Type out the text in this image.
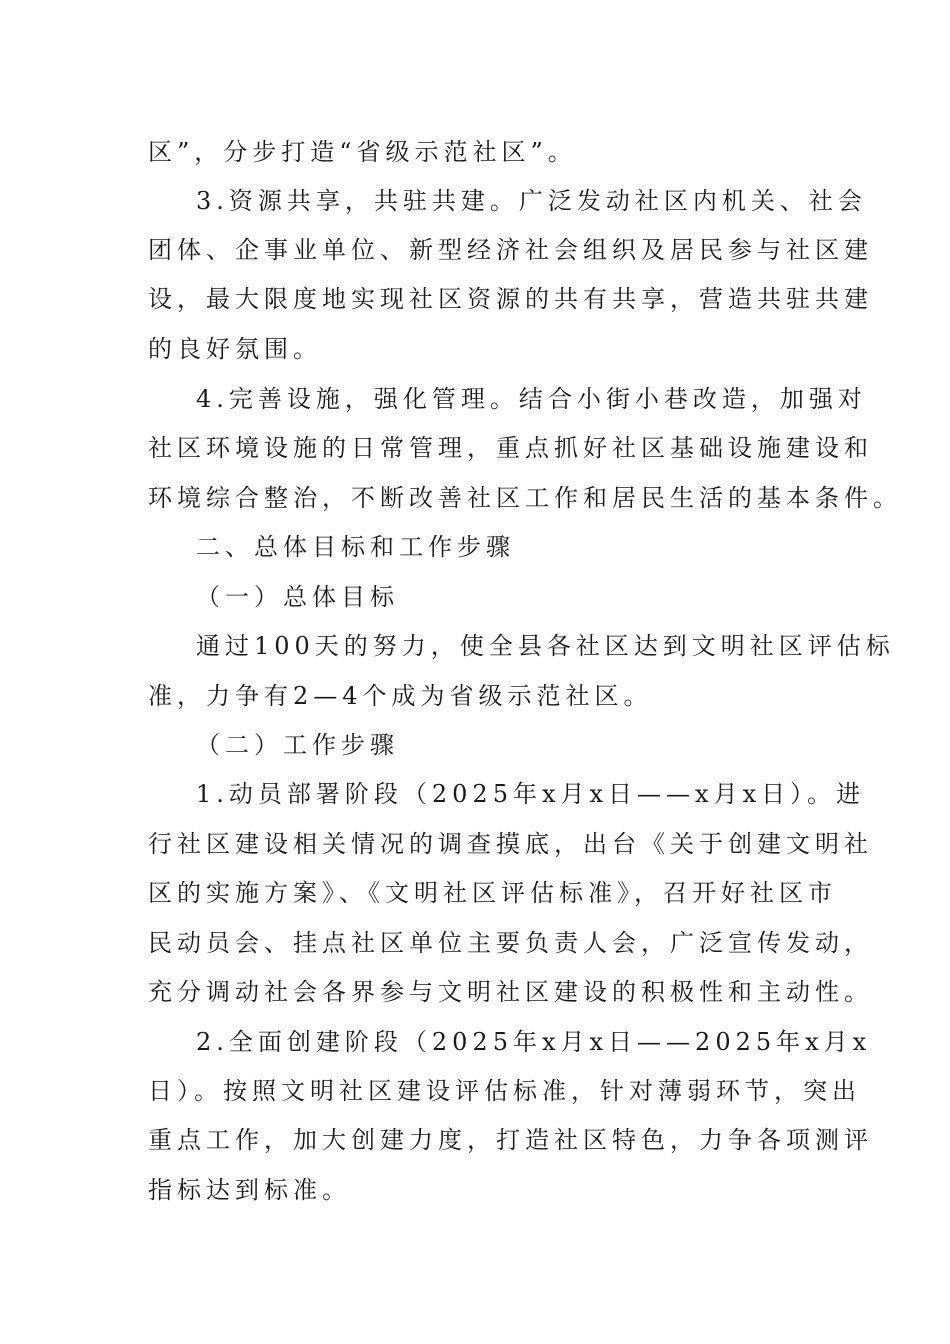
区”，分步打造“省级示范社区”。
3.资源共享，共驻共建。广泛发动社区内机关、社会
团体、企事业单位、新型经济社会组织及居民参与社区建
设，最大限度地实现社区资源的共有共享，营造共驻共建
的良好氛围。
4.完善设施，强化管理。结合小街小巷改造，加强对
社区环境设施的日常管理，重点抓好社区基础设施建设和
环境综合整治，不断改善社区工作和居民生活的基本条件。
二、总体目标和工作步骤
（一）总体目标
通过100天的努力，使全县各社区达到文明社区评估标
准，力争有2—4个成为省级示范社区。
（二）工作步骤
1.动员部署阶段（2025年x月x日——x月x日）。进
行社区建设相关情况的调查摸底，出台《关于创建文明社
区的实施方案》、《文明社区评估标准》，召开好社区市
民动员会、挂点社区单位主要负责人会，广泛宣传发动，
充分调动社会各界参与文明社区建设的积极性和主动性。
2.全面创建阶段（2025年x月x日——2025年x月x
日）。按照文明社区建设评估标准，针对薄弱环节，突出
重点工作，加大创建力度，打造社区特色，力争各项测评
指标达到标准。
